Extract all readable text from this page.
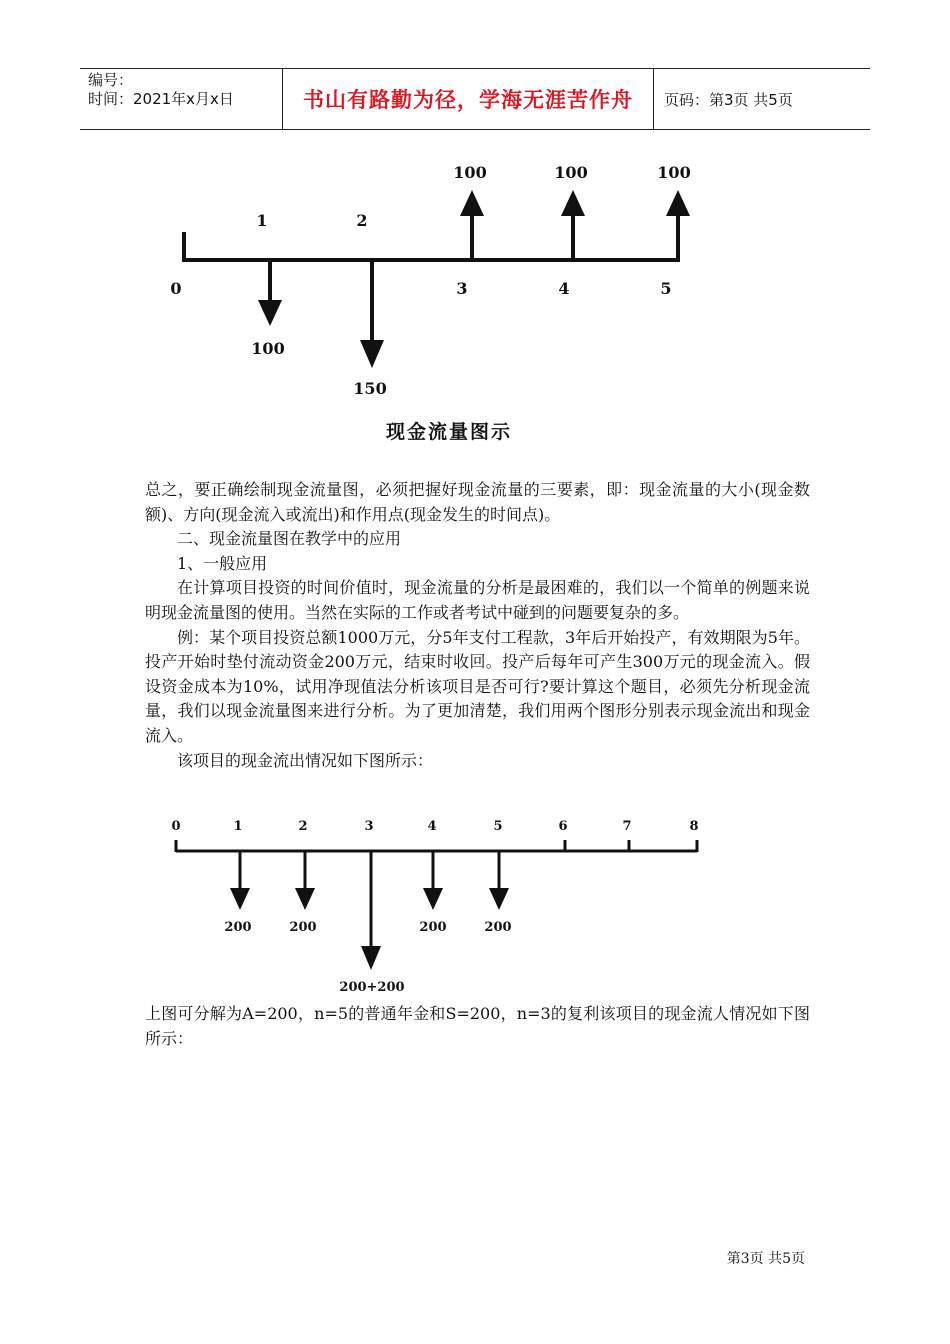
编号：
时间：2021年x月x日	书山有路勤为径，学海无涯苦作舟	页码：第3页 共5页
0
1	2
3	4	5
100
150
100	100	100
现金流量图示

总之，要正确绘制现金流量图，必须把握好现金流量的三要素，即：现金流量的大小(现金数额)、方向(现金流入或流出)和作用点(现金发生的时间点)。

二、现金流量图在教学中的应用

1、一般应用

在计算项目投资的时间价值时，现金流量的分析是最困难的，我们以一个简单的例题来说明现金流量图的使用。当然在实际的工作或者考试中碰到的问题要复杂的多。

例：某个项目投资总额1000万元，分5年支付工程款，3年后开始投产，有效期限为5年。投产开始时垫付流动资金200万元，结束时收回。投产后每年可产生300万元的现金流入。假设资金成本为10%，试用净现值法分析该项目是否可行?要计算这个题目，必须先分析现金流量，我们以现金流量图来进行分析。为了更加清楚，我们用两个图形分别表示现金流出和现金流入。

该项目的现金流出情况如下图所示：

0	1	2	3	4	5	6	7	8
200	200
200+200
200	200

上图可分解为A=200，n=5的普通年金和S=200，n=3的复利该项目的现金流人情况如下图所示：

第3页 共5页
